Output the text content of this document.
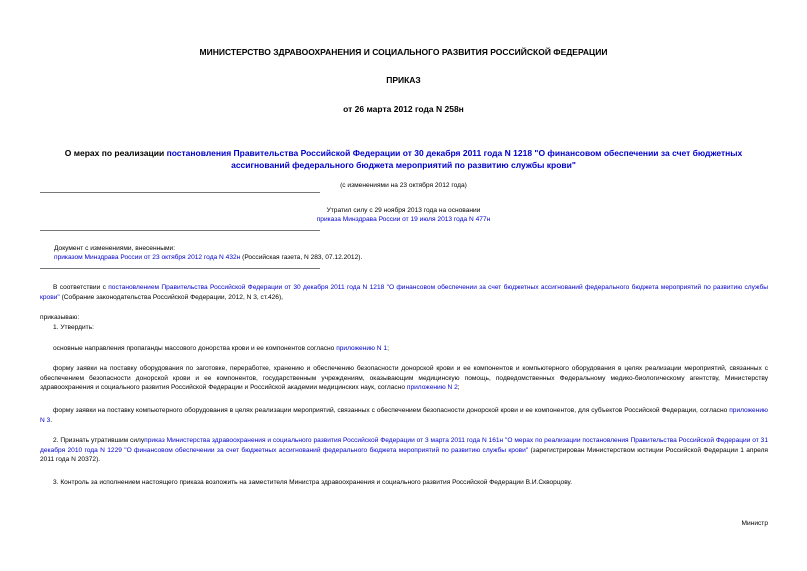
МИНИСТЕРСТВО ЗДРАВООХРАНЕНИЯ И СОЦИАЛЬНОГО РАЗВИТИЯ РОССИЙСКОЙ ФЕДЕРАЦИИ
ПРИКАЗ
от 26 марта 2012 года N 258н
О мерах по реализации постановления Правительства Российской Федерации от 30 декабря 2011 года N 1218 "О финансовом обеспечении за счет бюджетных ассигнований федерального бюджета мероприятий по развитию службы крови"
(с изменениями на 23 октября 2012 года)
Утратил силу с 29 ноября 2013 года на основании
приказа Минздрава России от 19 июля 2013 года N 477н
Документ с изменениями, внесенными:
приказом Минздрава России от 23 октября 2012 года N 432н (Российская газета, N 283, 07.12.2012).
В соответствии с постановлением Правительства Российской Федерации от 30 декабря 2011 года N 1218 "О финансовом обеспечении за счет бюджетных ассигнований федерального бюджета мероприятий по развитию службы крови" (Собрание законодательства Российской Федерации, 2012, N 3, ст.426),
приказываю:
1. Утвердить:
основные направления пропаганды массового донорства крови и ее компонентов согласно приложению N 1;
форму заявки на поставку оборудования по заготовке, переработке, хранению и обеспечению безопасности донорской крови и ее компонентов и компьютерного оборудования в целях реализации мероприятий, связанных с обеспечением безопасности донорской крови и ее компонентов, государственным учреждениям, оказывающим медицинскую помощь, подведомственных Федеральному медико-биологическому агентству, Министерству здравоохранения и социального развития Российской Федерации и Российской академии медицинских наук, согласно приложению N 2;
форму заявки на поставку компьютерного оборудования в целях реализации мероприятий, связанных с обеспечением безопасности донорской крови и ее компонентов, для субъектов Российской Федерации, согласно приложению N 3.
2. Признать утратившим силуприказ Министерства здравоохранения и социального развития Российской Федерации от 3 марта 2011 года N 161н "О мерах по реализации постановления Правительства Российской Федерации от 31 декабря 2010 года N 1229 "О финансовом обеспечении за счет бюджетных ассигнований федерального бюджета мероприятий по развитию службы крови" (зарегистрирован Министерством юстиции Российской Федерации 1 апреля 2011 года N 20372).
3. Контроль за исполнением настоящего приказа возложить на заместителя Министра здравоохранения и социального развития Российской Федерации В.И.Скворцову.
Министр
